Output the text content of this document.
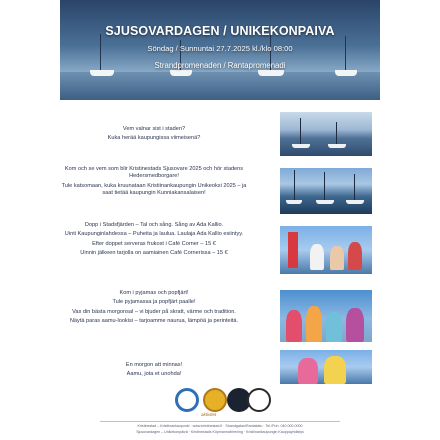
SJUSOVARDAGEN / UNIKEKONPAIVA
Söndag / Sunnuntai 27.7.2025 kl./klo 08:00
Strandpromenaden / Rantapromenadi

Vem valnar sist i staden?

Kuka herää kaupungissa viimeisenä?

Kom och se vem som blir Kristinestads Sjusovare 2025 och hör stadens Hedersmedborgare!

Tule katsomaan, kuka kruunataan Kristiinankaupungin Unikeoksi 2025 – ja saat tietää kaupungin Kunniakansalaisen!

Dopp i Stadsfjärden – Tal och sång. Sång av Ada Kallio.

Uinti Kaupunginlahdessa – Puheita ja laulua. Laulaja Ada Kallio esiintyy.

Efter doppet serveras frukost i Café Corner – 15 €

Uinnin jälkeen tarjolla on aamiainen Café Cornerissa – 15 €

Kom i pyjamas och popfjärt!

Tule pyjamassa ja popfjärt paalle!

Vas din bästa morgonsal – vi bjuder på skratt, värme och tradition.

Näytä paras aamu-lookisi – tarjoamme naurua, lämpöä ja perinteitä.

En morgon att minnas!

Aamu, jota et unohda!

aktivitet
Kristinestad – Kristiinankaupunki · www.kristinestad.fi · Strandgatan/Rantakatu · Tel./Puh. 040 000 0000
Sjusovardagen – Unikekonpäivä · Kristinestads Köpmannaförening · Kristiinankaupungin Kauppayhdistys
